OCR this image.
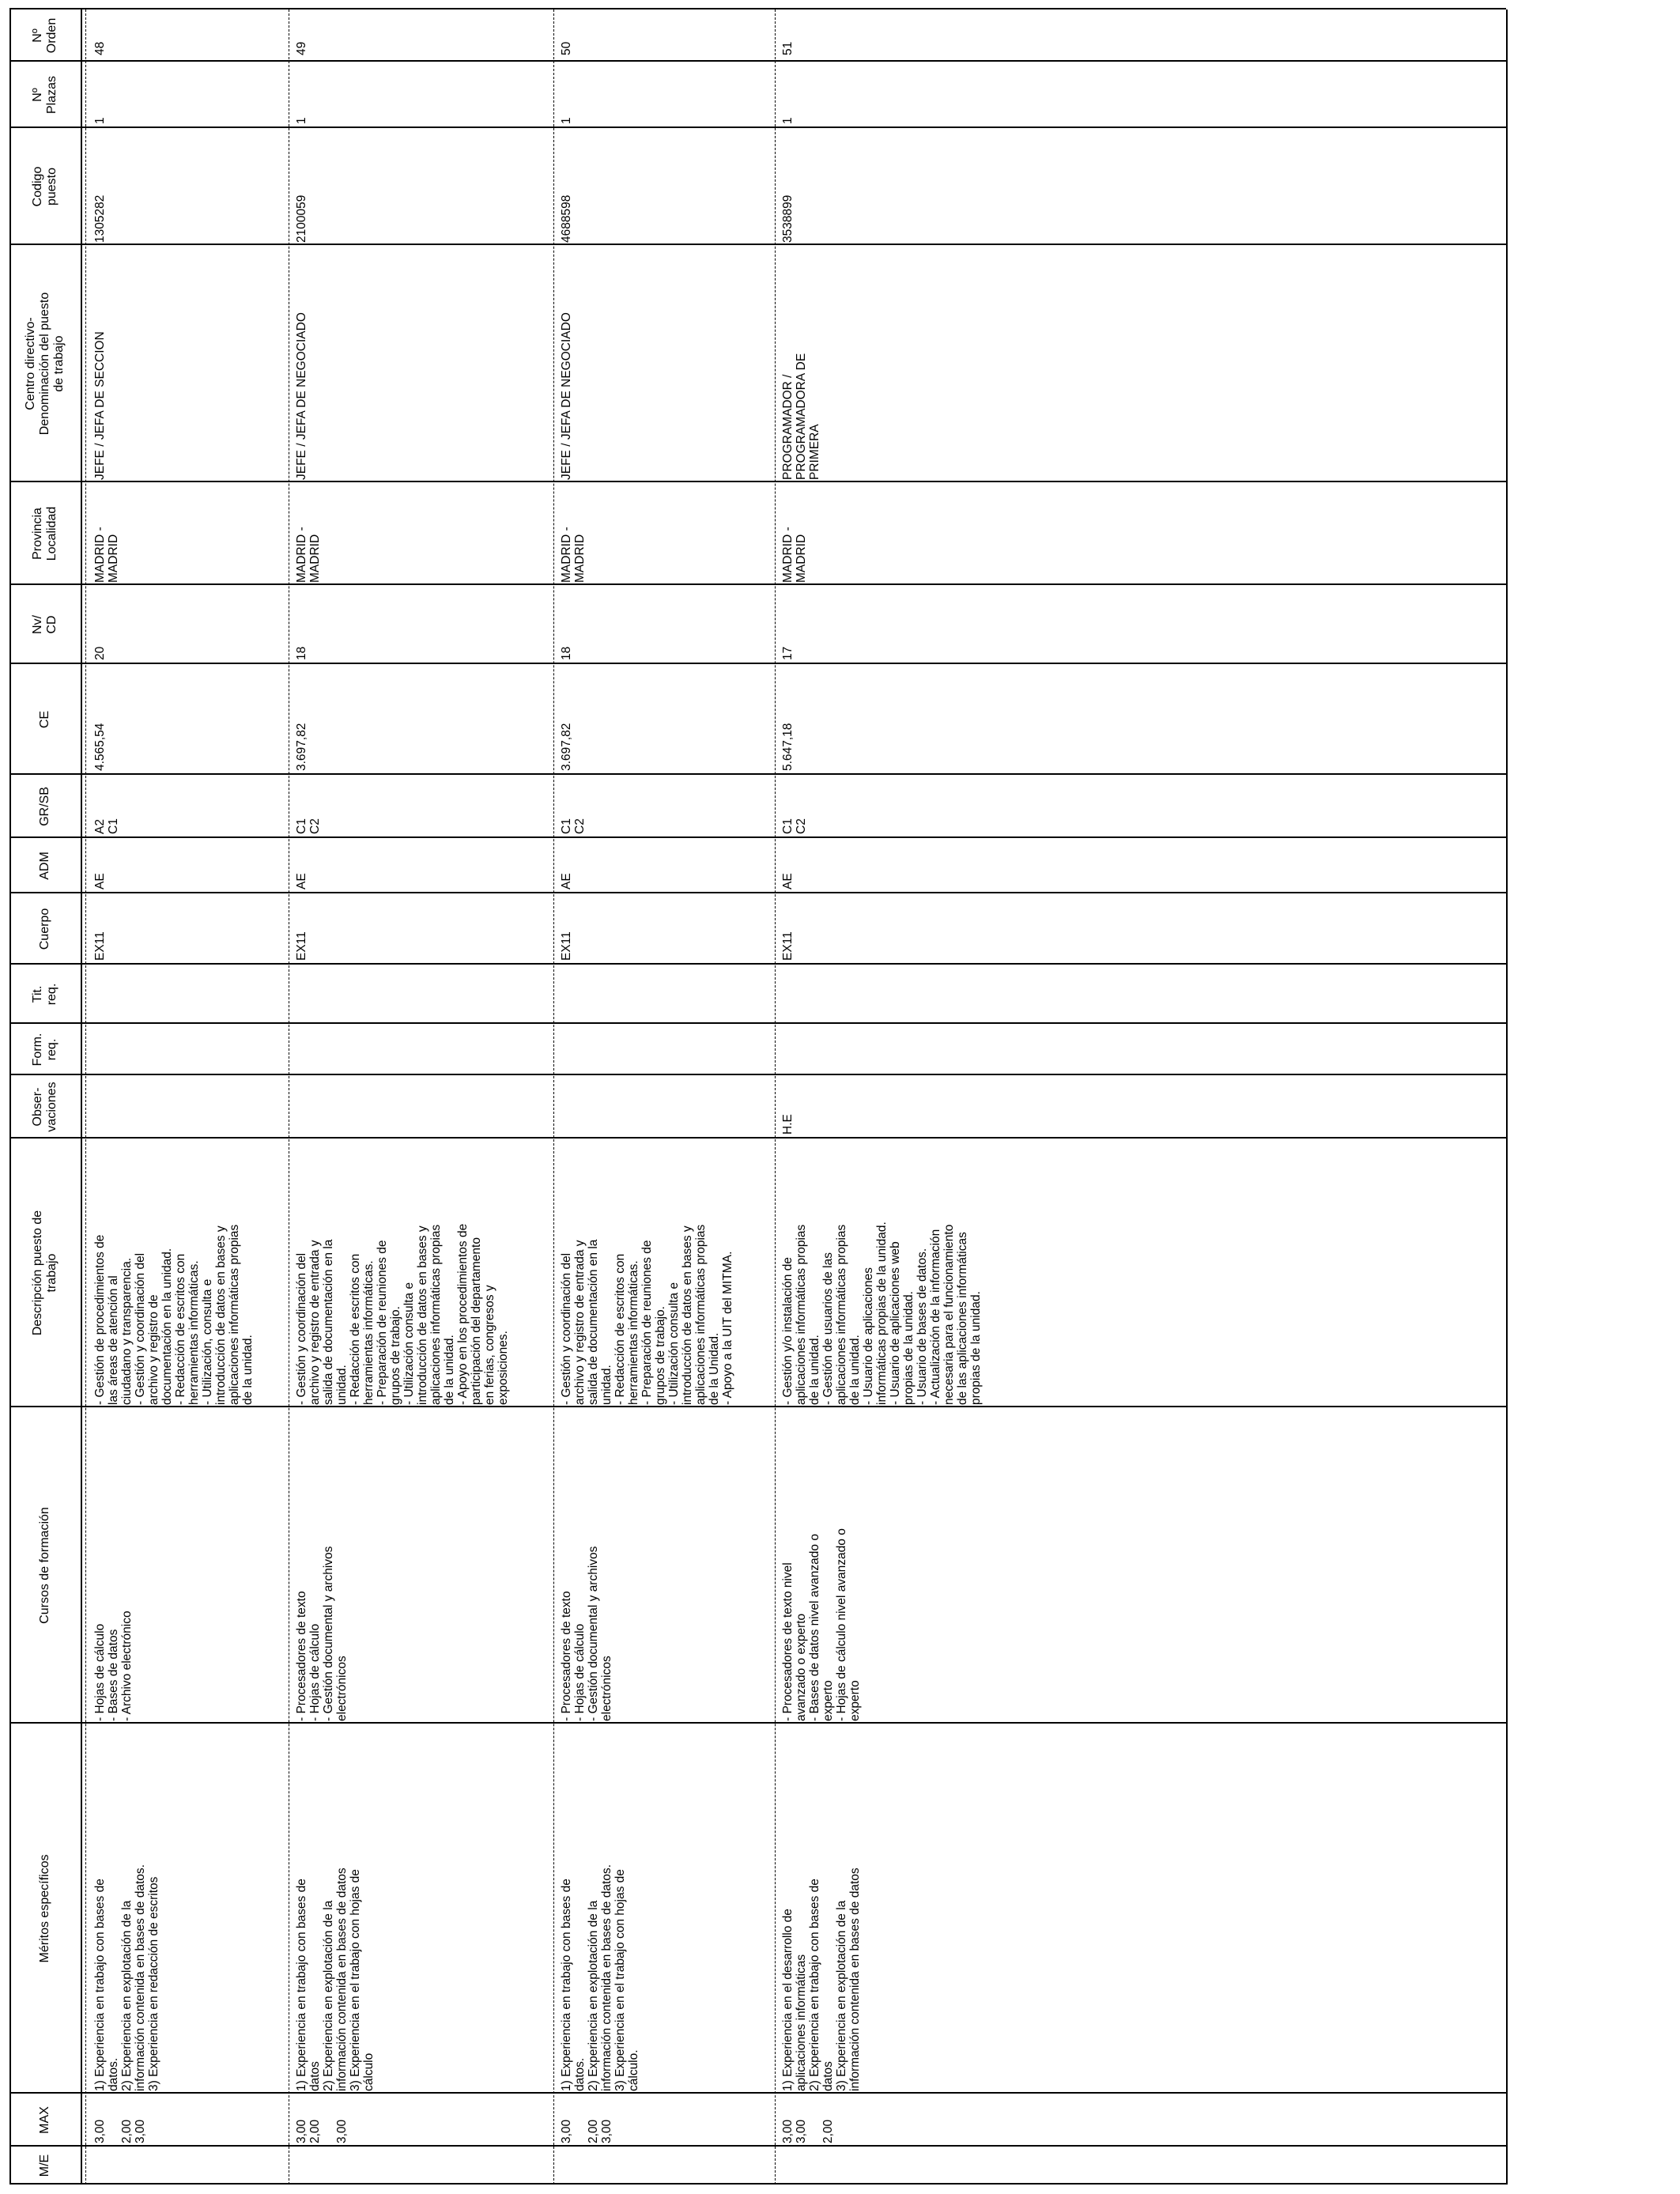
Nº
Orden
Nº
Plazas
Codigo
puesto
Centro directivo-
Denominación del puesto
de trabajo
Provincia
Localidad
Nv/
CD
CE
GR/SB
ADM
Cuerpo
Tit.
req.
Form.
req.
Obser-
vaciones
Descripción puesto de
trabajo
Cursos de formación
Méritos específicos
MAX
M/E
48
1
1305282
JEFE / JEFA DE SECCION
MADRID -
MADRID
20
4.565,54
A2
C1
AE
EX11
- Gestión de procedimientos de
las áreas de atención al
ciudadano y transparencia.
- Gestión y coordinación del
archivo y registro de
documentación en la unidad.
- Redacción de escritos con
herramientas informáticas.
- Utilización, consulta e
introducción de datos en bases y
aplicaciones informáticas propias
de la unidad.
- Hojas de cálculo
- Bases de datos
- Archivo electrónico
1) Experiencia en trabajo con bases de
datos.
2) Experiencia en explotación de la
información contenida en bases de datos.
3) Experiencia en redacción de escritos
3,00

2,00
3,00
49
1
2100059
JEFE / JEFA DE NEGOCIADO
MADRID -
MADRID
18
3.697,82
C1
C2
AE
EX11
- Gestión y coordinación del
archivo y registro de entrada y
salida de documentación en la
unidad.
- Redacción de escritos con
herramientas informáticas.
- Preparación de reuniones de
grupos de trabajo.
- Utilización consulta e
introducción de datos en bases y
aplicaciones informáticas propias
de la unidad.
- Apoyo en los procedimientos de
participación del departamento
en ferias, congresos y
exposiciones.
- Procesadores de texto
- Hojas de cálculo
- Gestión documental y archivos
electrónicos
1) Experiencia en trabajo con bases de
datos
2) Experiencia en explotación de la
información contenida en bases de datos
3) Experiencia en el trabajo con hojas de
cálculo
3,00
2,00

3,00
50
1
4688598
JEFE / JEFA DE NEGOCIADO
MADRID -
MADRID
18
3.697,82
C1
C2
AE
EX11
- Gestión y coordinación del
archivo y registro de entrada y
salida de documentación en la
unidad.
- Redacción de escritos con
herramientas informáticas.
- Preparación de reuniones de
grupos de trabajo.
- Utilización consulta e
introducción de datos en bases y
aplicaciones informáticas propias
de la Unidad.
- Apoyo a la UIT del MITMA.
- Procesadores de texto
- Hojas de cálculo
- Gestión documental y archivos
electrónicos
1) Experiencia en trabajo con bases de
datos.
2) Experiencia en explotación de la
información contenida en bases de datos.
3) Experiencia en el trabajo con hojas de
cálculo.
3,00

2,00
3,00
51
1
3538899
PROGRAMADOR /
PROGRAMADORA DE
PRIMERA
MADRID -
MADRID
17
5.647,18
C1
C2
AE
EX11
H.E
- Gestión y/o instalación de
aplicaciones informáticas propias
de la unidad.
- Gestión de usuarios de las
aplicaciones informáticas propias
de la unidad.
- Usuario de aplicaciones
informáticas propias de la unidad.
- Usuario de aplicaciones web
propias de la unidad.
- Usuario de bases de datos.
- Actualización de la información
necesaria para el funcionamiento
de las aplicaciones informáticas
propias de la unidad.
- Procesadores de texto nivel
avanzado o experto
- Bases de datos nivel avanzado o
experto
- Hojas de cálculo nivel avanzado o
experto
1) Experiencia en el desarrollo de
aplicaciones informáticas
2) Experiencia en trabajo con bases de
datos
3) Experiencia en explotación de la
información contenida en bases de datos
3,00
3,00

2,00
